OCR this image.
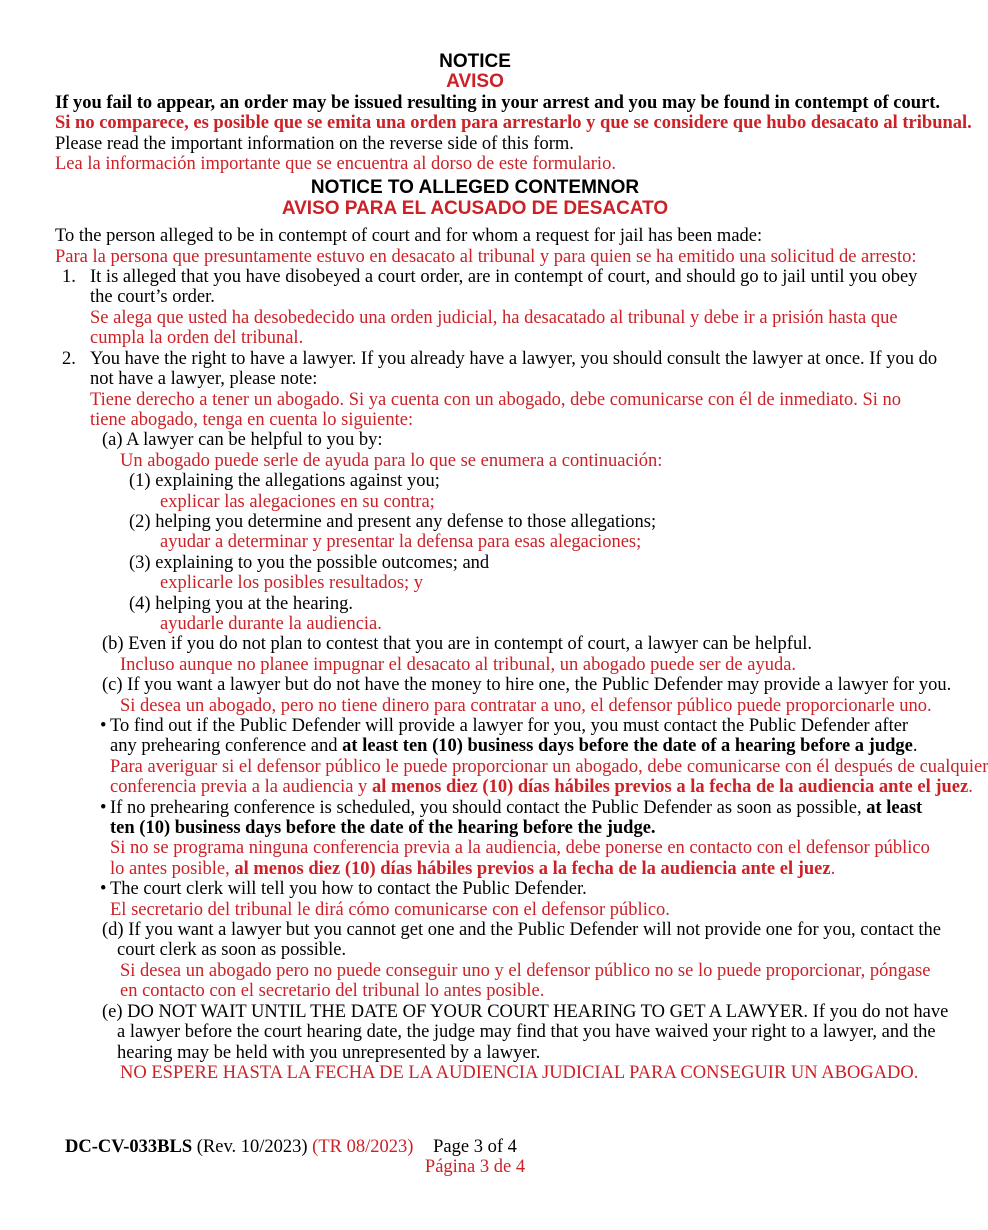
NOTICE
AVISO
If you fail to appear, an order may be issued resulting in your arrest and you may be found in contempt of court.
Si no comparece, es posible que se emita una orden para arrestarlo y que se considere que hubo desacato al tribunal.
Please read the important information on the reverse side of this form.
Lea la información importante que se encuentra al dorso de este formulario.
NOTICE TO ALLEGED CONTEMNOR
AVISO PARA EL ACUSADO DE DESACATO
To the person alleged to be in contempt of court and for whom a request for jail has been made:
Para la persona que presuntamente estuvo en desacato al tribunal y para quien se ha emitido una solicitud de arresto:
1. It is alleged that you have disobeyed a court order, are in contempt of court, and should go to jail until you obey
the court’s order.
Se alega que usted ha desobedecido una orden judicial, ha desacatado al tribunal y debe ir a prisión hasta que
cumpla la orden del tribunal.
2. You have the right to have a lawyer. If you already have a lawyer, you should consult the lawyer at once. If you do
not have a lawyer, please note:
Tiene derecho a tener un abogado. Si ya cuenta con un abogado, debe comunicarse con él de inmediato. Si no
tiene abogado, tenga en cuenta lo siguiente:
(a) A lawyer can be helpful to you by:
Un abogado puede serle de ayuda para lo que se enumera a continuación:
(1) explaining the allegations against you;
explicar las alegaciones en su contra;
(2) helping you determine and present any defense to those allegations;
ayudar a determinar y presentar la defensa para esas alegaciones;
(3) explaining to you the possible outcomes; and
explicarle los posibles resultados; y
(4) helping you at the hearing.
ayudarle durante la audiencia.
(b) Even if you do not plan to contest that you are in contempt of court, a lawyer can be helpful.
Incluso aunque no planee impugnar el desacato al tribunal, un abogado puede ser de ayuda.
(c) If you want a lawyer but do not have the money to hire one, the Public Defender may provide a lawyer for you.
Si desea un abogado, pero no tiene dinero para contratar a uno, el defensor público puede proporcionarle uno.
• To find out if the Public Defender will provide a lawyer for you, you must contact the Public Defender after
any prehearing conference and at least ten (10) business days before the date of a hearing before a judge.
Para averiguar si el defensor público le puede proporcionar un abogado, debe comunicarse con él después de cualquier
conferencia previa a la audiencia y al menos diez (10) días hábiles previos a la fecha de la audiencia ante el juez.
• If no prehearing conference is scheduled, you should contact the Public Defender as soon as possible, at least
ten (10) business days before the date of the hearing before the judge.
Si no se programa ninguna conferencia previa a la audiencia, debe ponerse en contacto con el defensor público
lo antes posible, al menos diez (10) días hábiles previos a la fecha de la audiencia ante el juez.
• The court clerk will tell you how to contact the Public Defender.
El secretario del tribunal le dirá cómo comunicarse con el defensor público.
(d) If you want a lawyer but you cannot get one and the Public Defender will not provide one for you, contact the
court clerk as soon as possible.
Si desea un abogado pero no puede conseguir uno y el defensor público no se lo puede proporcionar, póngase
en contacto con el secretario del tribunal lo antes posible.
(e) DO NOT WAIT UNTIL THE DATE OF YOUR COURT HEARING TO GET A LAWYER. If you do not have
a lawyer before the court hearing date, the judge may find that you have waived your right to a lawyer, and the
hearing may be held with you unrepresented by a lawyer.
NO ESPERE HASTA LA FECHA DE LA AUDIENCIA JUDICIAL PARA CONSEGUIR UN ABOGADO.
DC-CV-033BLS (Rev. 10/2023) (TR 08/2023)	Page 3 of 4
Página 3 de 4
